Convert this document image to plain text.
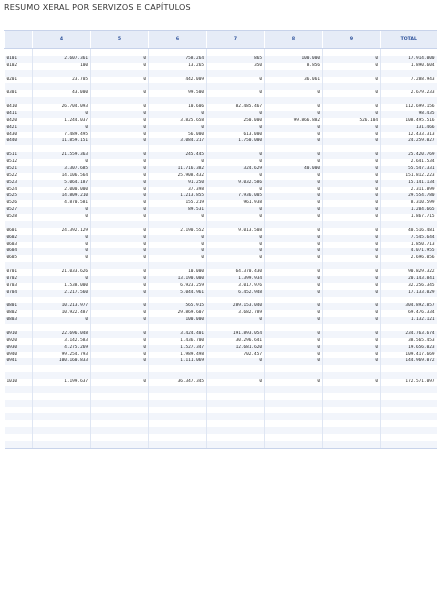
RESUMO XERAL POR SERVIZOS E CAPÍTULOS
	4	5	6	7	8	9	TOTAL

0101	2.607.361	0	758.264	865	100.000	0	17.914.000
0102	100	0	13.265	350	8.856	0	1.890.604

0201	23.705	0	442.009	0	36.061	0	7.288.943

0301	43.000	0	99.500	0	0	0	2.679.233

0410	26.704.093	0	10.606	82.485.467	0	0	112.699.156
0411	0	0	0	0	0	0	98.435
0420	1.244.037	0	3.825.658	250.000	99.866.882	526.104	108.495.516
0421	0	0	0	0	0	0	131.466
0430	7.489.495	0	56.000	613.000	0	0	12.433.313
0440	11.859.151	0	3.084.217	1.750.000	0	0	24.259.027

0511	21.559.363	0	245.445	0	0	0	25.420.769
0512	0	0	0	0	0	0	2.641.534
0521	3.307.685	0	11.716.382	324.629	40.000	0	55.547.331
0522	14.106.564	0	25.908.432	0	0	0	151.812.223
0523	5.064.187	0	91.250	9.032.586	0	0	15.141.134
0524	2.000.000	0	37.398	0	0	0	2.311.899
0525	14.809.210	0	1.213.855	7.936.005	0	0	29.554.780
0526	4.870.581	0	155.219	961.938	0	0	8.310.599
0527	0	0	89.531	0	0	0	1.204.665
0528	0	0	0	0	0	0	1.867.715

0601	24.392.129	0	2.190.552	9.013.508	0	0	40.516.481
0602	0	0	0	0	0	0	7.545.644
0603	0	0	0	0	0	0	1.850.713
0604	0	0	0	0	0	0	4.071.955
0605	0	0	0	0	0	0	2.696.056

0701	21.033.626	0	10.000	64.370.430	0	0	90.829.322
0702	0	0	13.190.000	1.399.934	0	0	20.143.841
0703	1.538.000	0	6.923.259	3.017.976	0	0	32.256.345
0704	2.217.560	0	5.044.961	6.452.948	0	0	17.133.029

0801	10.213.977	0	565.915	289.153.040	0	0	304.892.857
0802	10.922.487	0	29.869.607	3.682.789	0	0	69.476.334
0803	0	0	100.000	0	0	0	1.132.121

0910	22.696.048	0	3.424.401	191.893.054	0	0	234.763.674
0920	3.142.583	0	1.436.700	30.296.641	0	0	38.565.453
0930	4.275.269	0	1.527.347	12.681.620	0	0	19.656.023
0940	99.254.793	0	1.989.498	702.457	0	0	109.417.669
0941	100.160.833	0	1.111.069	0	0	0	144.969.072

1010	1.199.637	0	36.347.345	0	0	0	172.571.097
